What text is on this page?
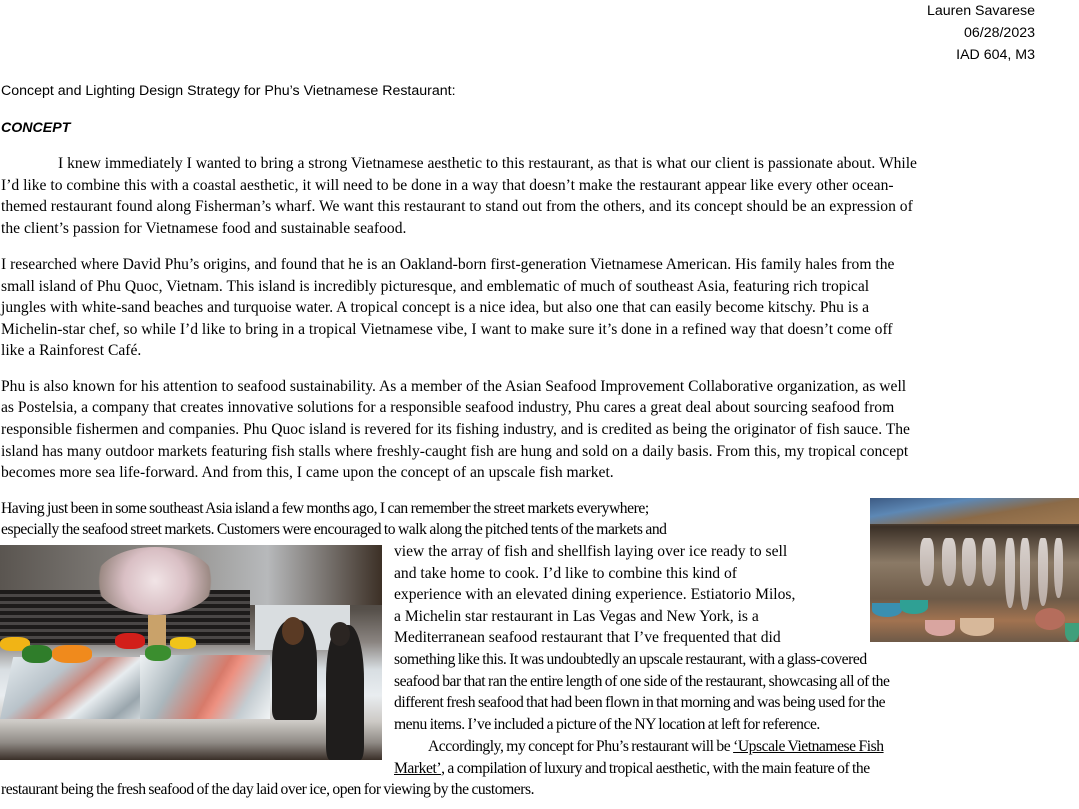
Lauren Savarese
06/28/2023
IAD 604, M3
Concept and Lighting Design Strategy for Phu’s Vietnamese Restaurant:
CONCEPT
I knew immediately I wanted to bring a strong Vietnamese aesthetic to this restaurant, as that is what our client is passionate about. While
I’d like to combine this with a coastal aesthetic, it will need to be done in a way that doesn’t make the restaurant appear like every other ocean-
themed restaurant found along Fisherman’s wharf. We want this restaurant to stand out from the others, and its concept should be an expression of
the client’s passion for Vietnamese food and sustainable seafood.
I researched where David Phu’s origins, and found that he is an Oakland-born first-generation Vietnamese American. His family hales from the
small island of Phu Quoc, Vietnam. This island is incredibly picturesque, and emblematic of much of southeast Asia, featuring rich tropical
jungles with white-sand beaches and turquoise water. A tropical concept is a nice idea, but also one that can easily become kitschy. Phu is a
Michelin-star chef, so while I’d like to bring in a tropical Vietnamese vibe, I want to make sure it’s done in a refined way that doesn’t come off
like a Rainforest Café.
Phu is also known for his attention to seafood sustainability. As a member of the Asian Seafood Improvement Collaborative organization, as well
as Postelsia, a company that creates innovative solutions for a responsible seafood industry, Phu cares a great deal about sourcing seafood from
responsible fishermen and companies. Phu Quoc island is revered for its fishing industry, and is credited as being the originator of fish sauce. The
island has many outdoor markets featuring fish stalls where freshly-caught fish are hung and sold on a daily basis. From this, my tropical concept
becomes more sea life-forward. And from this, I came upon the concept of an upscale fish market.
Having just been in some southeast Asia island a few months ago, I can remember the street markets everywhere;
especially the seafood street markets. Customers were encouraged to walk along the pitched tents of the markets and
view the array of fish and shellfish laying over ice ready to sell
and take home to cook. I’d like to combine this kind of
experience with an elevated dining experience. Estiatorio Milos,
a Michelin star restaurant in Las Vegas and New York, is a
Mediterranean seafood restaurant that I’ve frequented that did
something like this. It was undoubtedly an upscale restaurant, with a glass-covered
seafood bar that ran the entire length of one side of the restaurant, showcasing all of the
different fresh seafood that had been flown in that morning and was being used for the
menu items. I’ve included a picture of the NY location at left for reference.
Accordingly, my concept for Phu’s restaurant will be ‘Upscale Vietnamese Fish
Market’, a compilation of luxury and tropical aesthetic, with the main feature of the
restaurant being the fresh seafood of the day laid over ice, open for viewing by the customers.
